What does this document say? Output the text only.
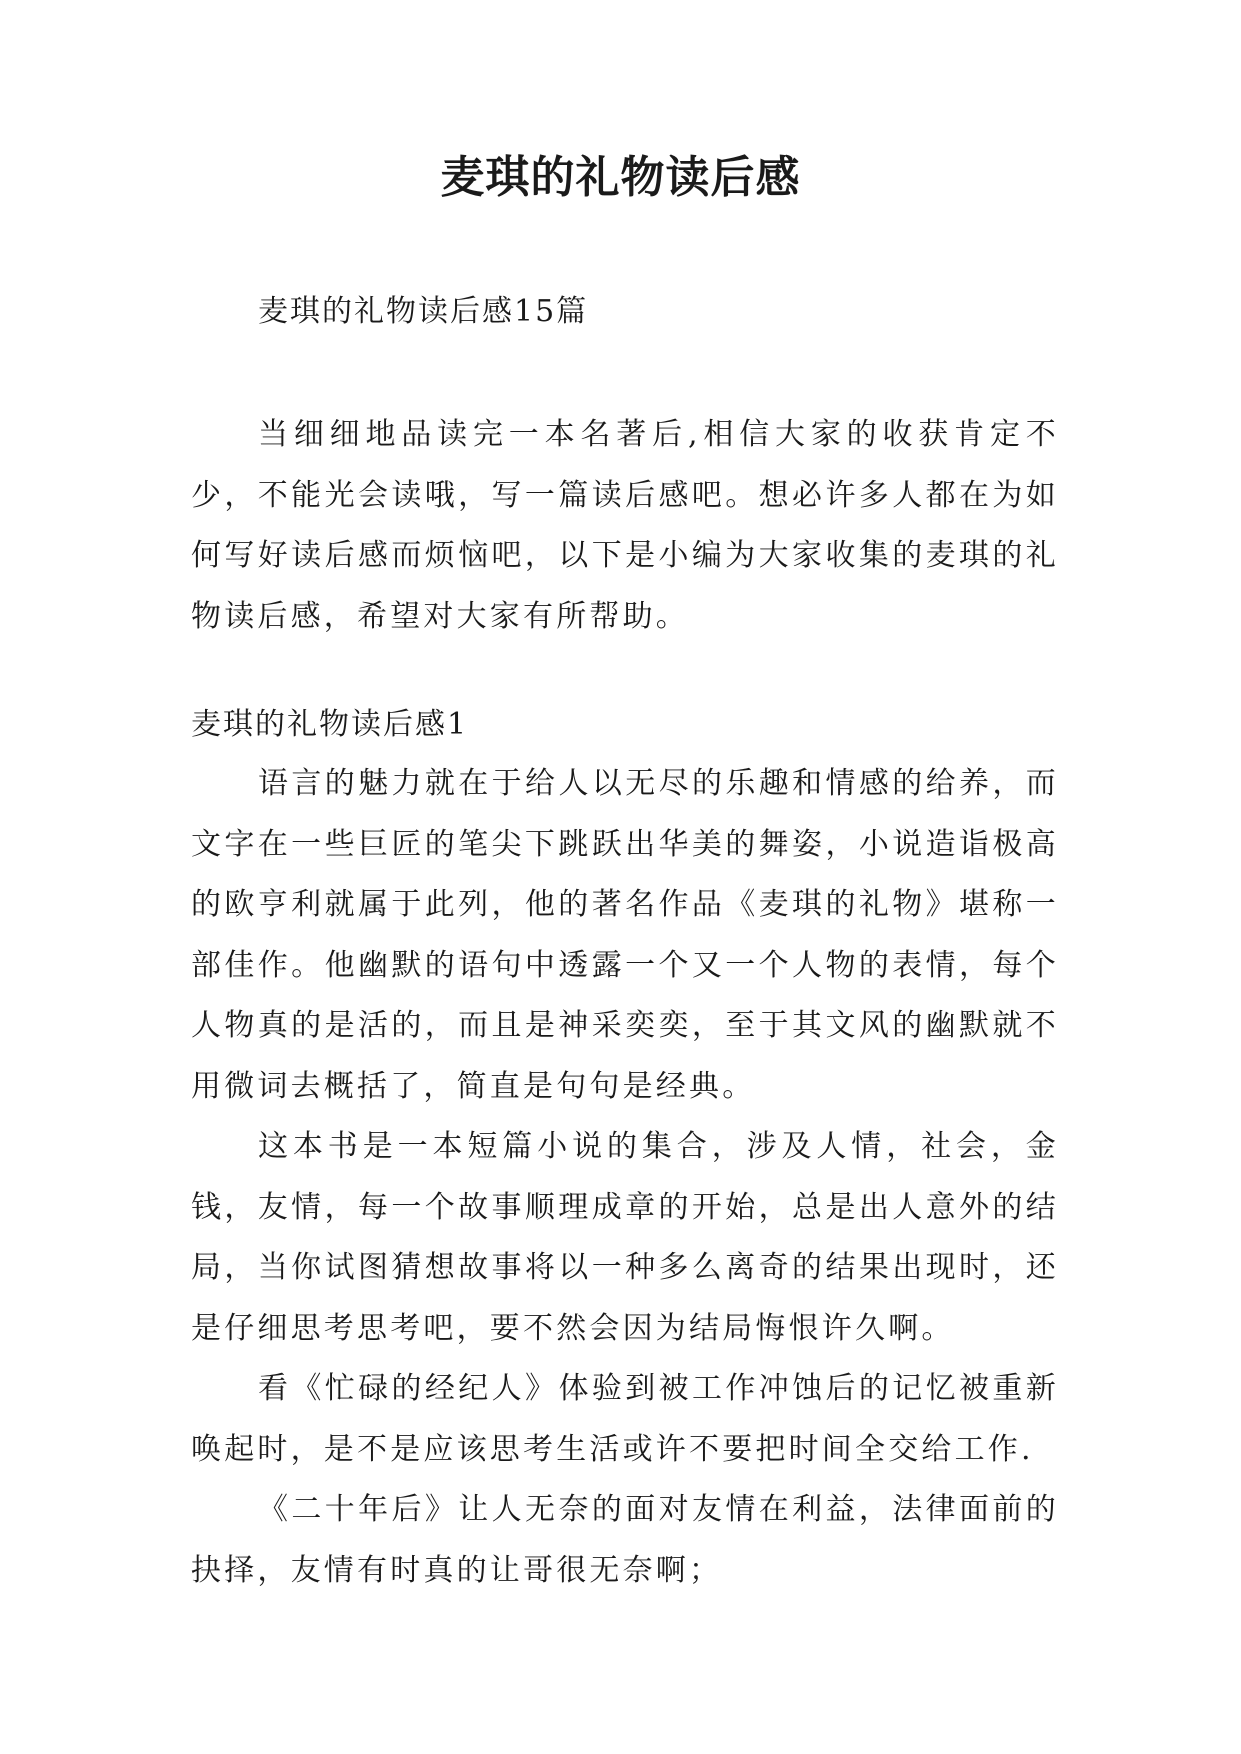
麦琪的礼物读后感

麦琪的礼物读后感15篇

当细细地品读完一本名著后,相信大家的收获肯定不少，不能光会读哦，写一篇读后感吧。想必许多人都在为如何写好读后感而烦恼吧，以下是小编为大家收集的麦琪的礼物读后感，希望对大家有所帮助。

麦琪的礼物读后感1

语言的魅力就在于给人以无尽的乐趣和情感的给养，而文字在一些巨匠的笔尖下跳跃出华美的舞姿，小说造诣极高的欧亨利就属于此列，他的著名作品《麦琪的礼物》堪称一部佳作。他幽默的语句中透露一个又一个人物的表情，每个人物真的是活的，而且是神采奕奕，至于其文风的幽默就不用微词去概括了，简直是句句是经典。

这本书是一本短篇小说的集合，涉及人情，社会，金钱，友情，每一个故事顺理成章的开始，总是出人意外的结局，当你试图猜想故事将以一种多么离奇的结果出现时，还是仔细思考思考吧，要不然会因为结局悔恨许久啊。

看《忙碌的经纪人》体验到被工作冲蚀后的记忆被重新唤起时，是不是应该思考生活或许不要把时间全交给工作.

《二十年后》让人无奈的面对友情在利益，法律面前的抉择，友情有时真的让哥很无奈啊；
